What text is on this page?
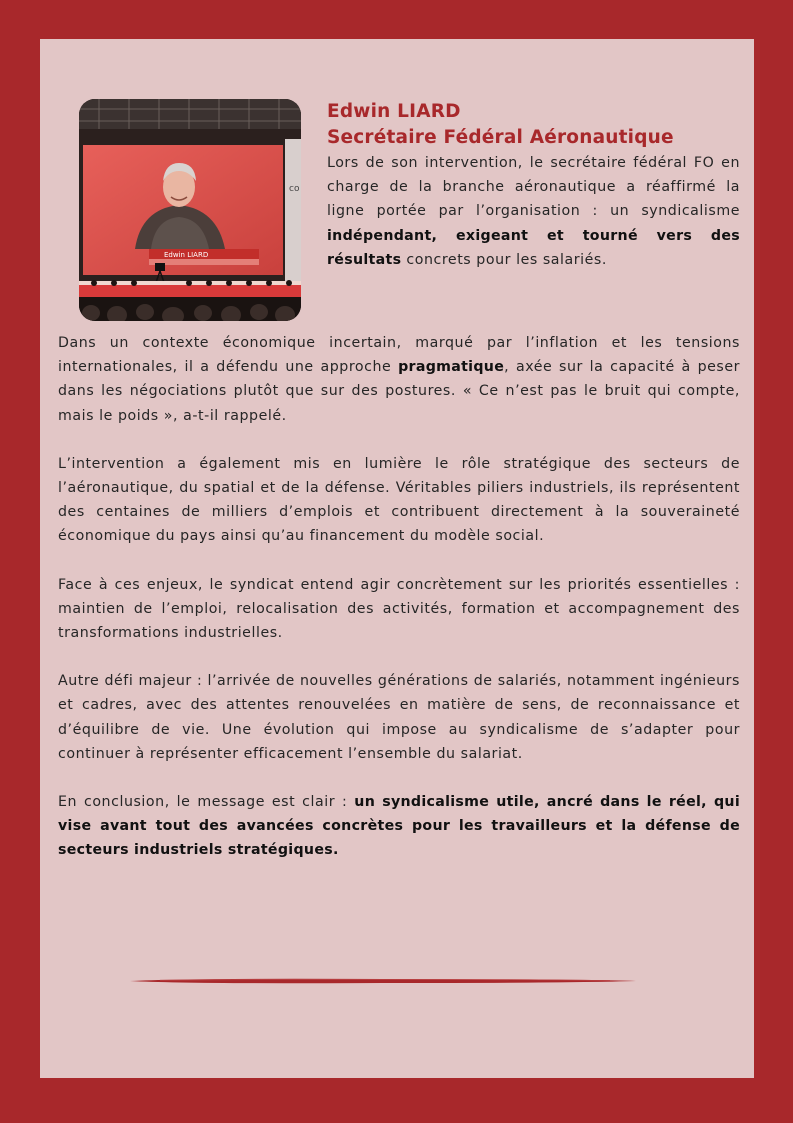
co
Edwin LIARD
Edwin LIARD
Secrétaire Fédéral Aéronautique

Lors de son intervention, le secrétaire fédéral FO en charge de la branche aéronautique a réaffirmé la ligne portée par l’organisation : un syndicalisme indépendant, exigeant et tourné vers des résultats concrets pour les salariés.

Dans un contexte économique incertain, marqué par l’inflation et les tensions internationales, il a défendu une approche pragmatique, axée sur la capacité à peser dans les négociations plutôt que sur des postures. « Ce n’est pas le bruit qui compte, mais le poids », a-t-il rappelé.

L’intervention a également mis en lumière le rôle stratégique des secteurs de l’aéronautique, du spatial et de la défense. Véritables piliers industriels, ils représentent des centaines de milliers d’emplois et contribuent directement à la souveraineté économique du pays ainsi qu’au financement du modèle social.

Face à ces enjeux, le syndicat entend agir concrètement sur les priorités essentielles : maintien de l’emploi, relocalisation des activités, formation et accompagnement des transformations industrielles.

Autre défi majeur : l’arrivée de nouvelles générations de salariés, notamment ingénieurs et cadres, avec des attentes renouvelées en matière de sens, de reconnaissance et d’équilibre de vie. Une évolution qui impose au syndicalisme de s’adapter pour continuer à représenter efficacement l’ensemble du salariat.

En conclusion, le message est clair : un syndicalisme utile, ancré dans le réel, qui vise avant tout des avancées concrètes pour les travailleurs et la défense de secteurs industriels stratégiques.
